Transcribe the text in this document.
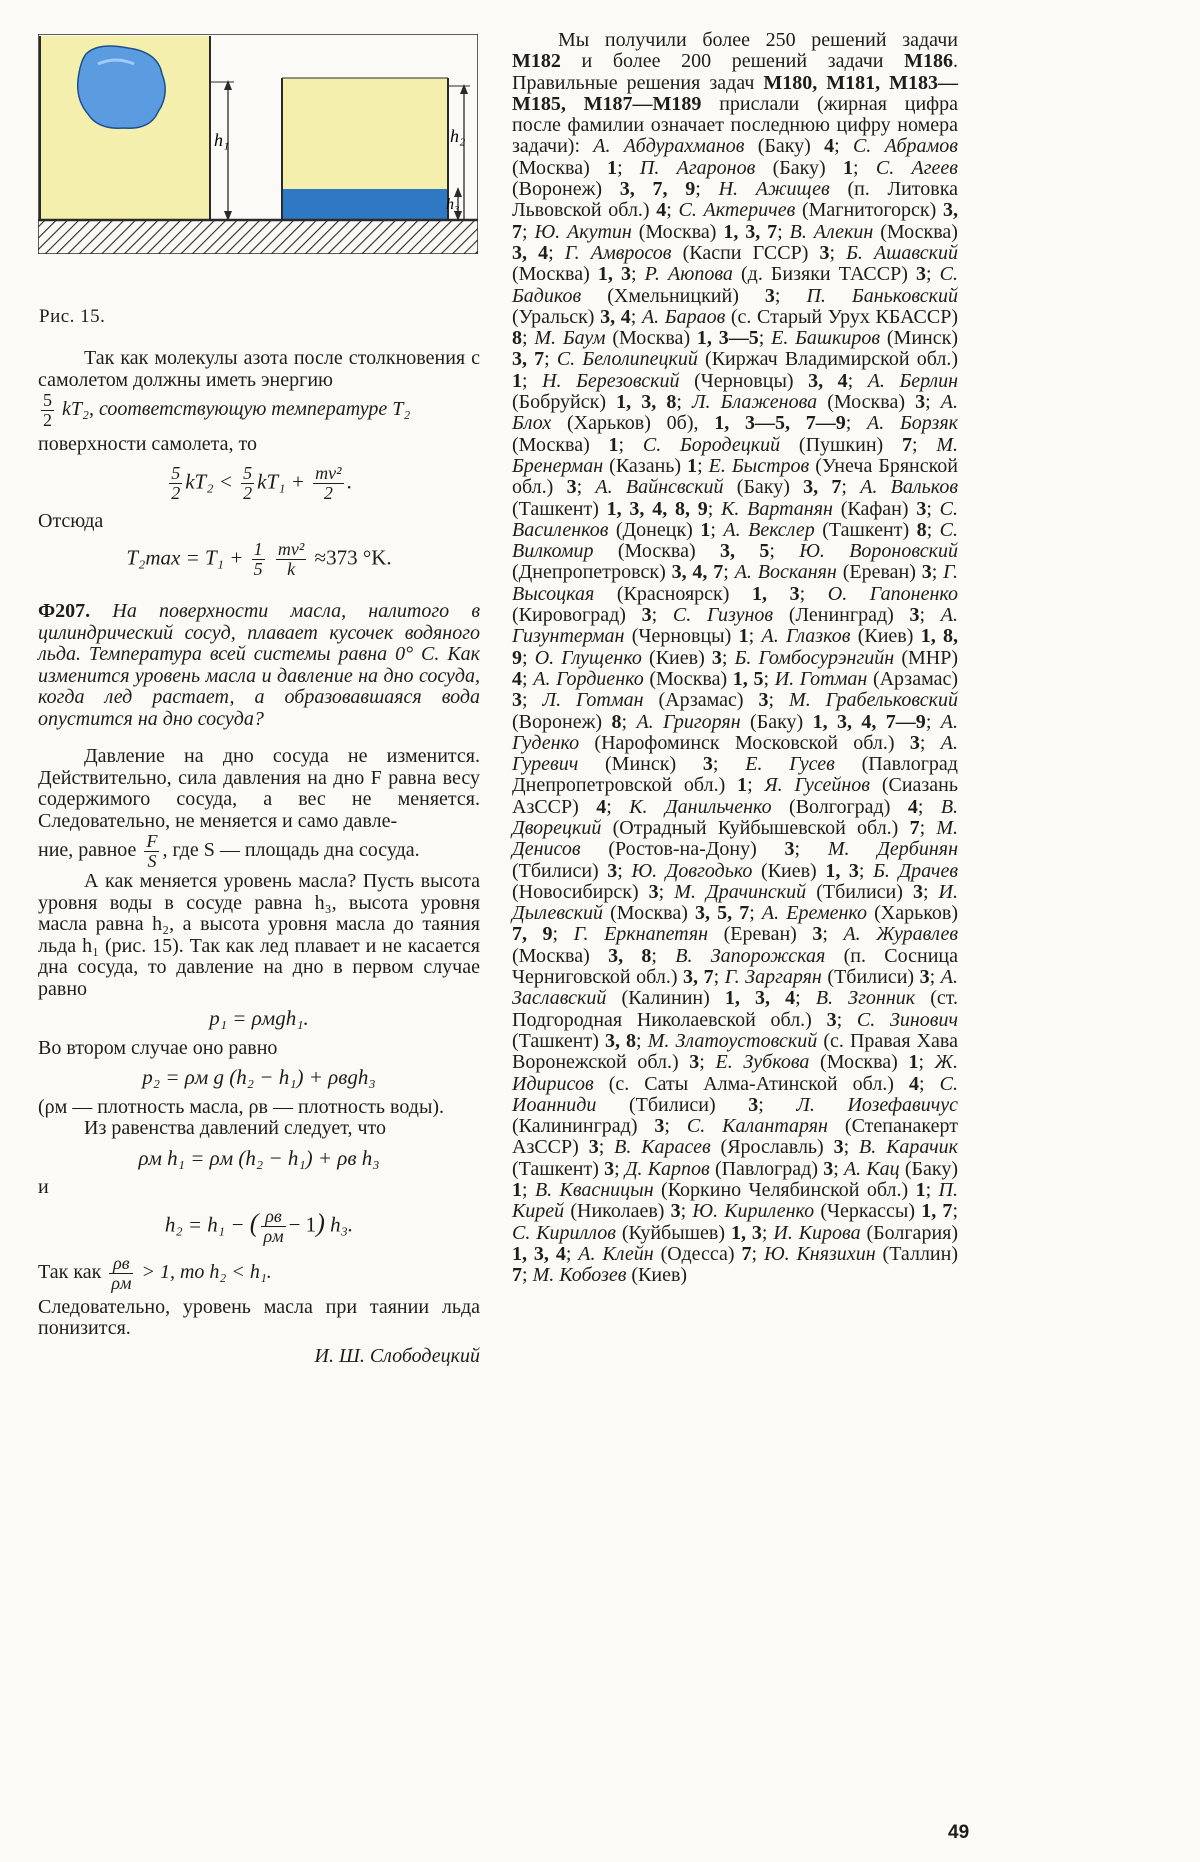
h₁	h₂
h₃
Рис. 15.

Так как молекулы азота после столкновения с самолетом должны иметь энергию

$\frac{5}{2} kT_2$, соответствующую температуре T₂

поверхности самолета, то

$\frac{5}{2} kT_2 < \frac{5}{2} kT_1 + \frac{\text{mv²}}{2}$ .

Отсюда

$T_2\max = T_1 + \frac{1}{5}$
$\frac{\text{mv²}}{k} \approx 373$ °K.

Ф207. На поверхности масла, налитого в цилиндрический сосуд, плавает кусочек водяного льда. Температура всей системы равна 0° С. Как изменится уровень масла и давление на дно сосуда, когда лед растает, а образовавшаяся вода опустится на дно сосуда?

Давление на дно сосуда не изменится. Действительно, сила давления на дно F равна весу содержимого сосуда, а вес не меняется. Следовательно, не меняется и само давле-

ние, равное $\frac{F}{S}$ , где S — площадь дна сосуда.

А как меняется уровень масла? Пусть высота уровня воды в сосуде равна h₃, высота уровня масла равна h₂, а высота уровня масла до таяния льда h₁ (рис. 15). Так как лед плавает и не касается дна сосуда, то давление на дно в первом случае равно

p₁ = ρмgh₁.

Во втором случае оно равно

p₂ = ρм g (h₂ − h₁) + ρвgh₃

(ρм — плотность масла, ρв — плотность воды).

Из равенства давлений следует, что

ρм h₁ = ρм (h₂ − h₁) + ρв h₃

и

h₂ = h₁ − ( $\frac{\rho в}{\rho м} - 1$) h₃.

Так как $\frac{\rho в}{\rho м} > 1$, то h₂ < h₁.

Следовательно, уровень масла при таянии льда понизится.

И. Ш. Слободецкий

Мы получили более 250 решений задачи М182 и более 200 решений задачи М186. Правильные решения задач М180, М181, М183—М185, М187—М189 прислали (жирная цифра после фамилии означает последнюю цифру номера задачи): А. Абдурахманов (Баку) 4; С. Абрамов (Москва) 1; П. Агаронов (Баку) 1; С. Агеев (Воронеж) 3, 7, 9; Н. Ажищев (п. Литовка Львовской обл.) 4; С. Актеричев (Магнитогорск) 3, 7; Ю. Акутин (Москва) 1, 3, 7; В. Алекин (Москва) 3, 4; Г. Амвросов (Каспи ГССР) 3; Б. Ашавский (Москва) 1, 3; Р. Аюпова (д. Бизяки ТАССР) 3; С. Бадиков (Хмельницкий) 3; П. Баньковский (Уральск) 3, 4; А. Бараов (с. Старый Урух КБАССР) 8; М. Баум (Москва) 1, 3—5; Е. Башкиров (Минск) 3, 7; С. Белолипецкий (Киржач Владимирской обл.) 1; Н. Березовский (Черновцы) 3, 4; А. Берлин (Бобруйск) 1, 3, 8; Л. Блаженова (Москва) 3; А. Блох (Харьков) 0б), 1, 3—5, 7—9; А. Борзяк (Москва) 1; С. Бородецкий (Пушкин) 7; М. Бренерман (Казань) 1; Е. Быстров (Унеча Брянской обл.) 3; А. Вайнсвский (Баку) 3, 7; А. Вальков (Ташкент) 1, 3, 4, 8, 9; К. Вартанян (Кафан) 3; С. Василенков (Донецк) 1; А. Векслер (Ташкент) 8; С. Вилкомир (Москва) 3, 5; Ю. Вороновский (Днепропетровск) 3, 4, 7; А. Восканян (Ереван) 3; Г. Высоцкая (Красноярск) 1, 3; О. Гапоненко (Кировоград) 3; С. Гизунов (Ленинград) 3; А. Гизунтерман (Черновцы) 1; А. Глазков (Киев) 1, 8, 9; О. Глущенко (Киев) 3; Б. Гомбосурэнгийн (МНР) 4; А. Гордиенко (Москва) 1, 5; И. Готман (Арзамас) 3; Л. Готман (Арзамас) 3; М. Грабельковский (Воронеж) 8; А. Григорян (Баку) 1, 3, 4, 7—9; А. Гуденко (Нарофоминск Московской обл.) 3; А. Гуревич (Минск) 3; Е. Гусев (Павлоград Днепропетровской обл.) 1; Я. Гусейнов (Сиазань АзССР) 4; К. Данильченко (Волгоград) 4; В. Дворецкий (Отрадный Куйбышевской обл.) 7; М. Денисов (Ростов-на-Дону) 3; М. Дербинян (Тбилиси) 3; Ю. Довгодько (Киев) 1, 3; Б. Драчев (Новосибирск) 3; М. Драчинский (Тбилиси) 3; И. Дылевский (Москва) 3, 5, 7; А. Еременко (Харьков) 7, 9; Г. Еркнапетян (Ереван) 3; А. Журавлев (Москва) 3, 8; В. Запорожская (п. Сосница Черниговской обл.) 3, 7; Г. Заргарян (Тбилиси) 3; А. Заславский (Калинин) 1, 3, 4; В. Згонник (ст. Подгородная Николаевской обл.) 3; С. Зинович (Ташкент) 3, 8; М. Златоустовский (с. Правая Хава Воронежской обл.) 3; Е. Зубкова (Москва) 1; Ж. Идирисов (с. Саты Алма-Атинской обл.) 4; С. Иоанниди (Тбилиси) 3; Л. Иозефавичус (Калининград) 3; С. Калантарян (Степанакерт АзССР) 3; В. Карасев (Ярославль) 3; В. Карачик (Ташкент) 3; Д. Карпов (Павлоград) 3; А. Кац (Баку) 1; В. Квасницын (Коркино Челябинской обл.) 1; П. Кирей (Николаев) 3; Ю. Кириленко (Черкассы) 1, 7; С. Кириллов (Куйбышев) 1, 3; И. Кирова (Болгария) 1, 3, 4; А. Клейн (Одесса) 7; Ю. Князихин (Таллин) 7; М. Кобозев (Киев)
49
